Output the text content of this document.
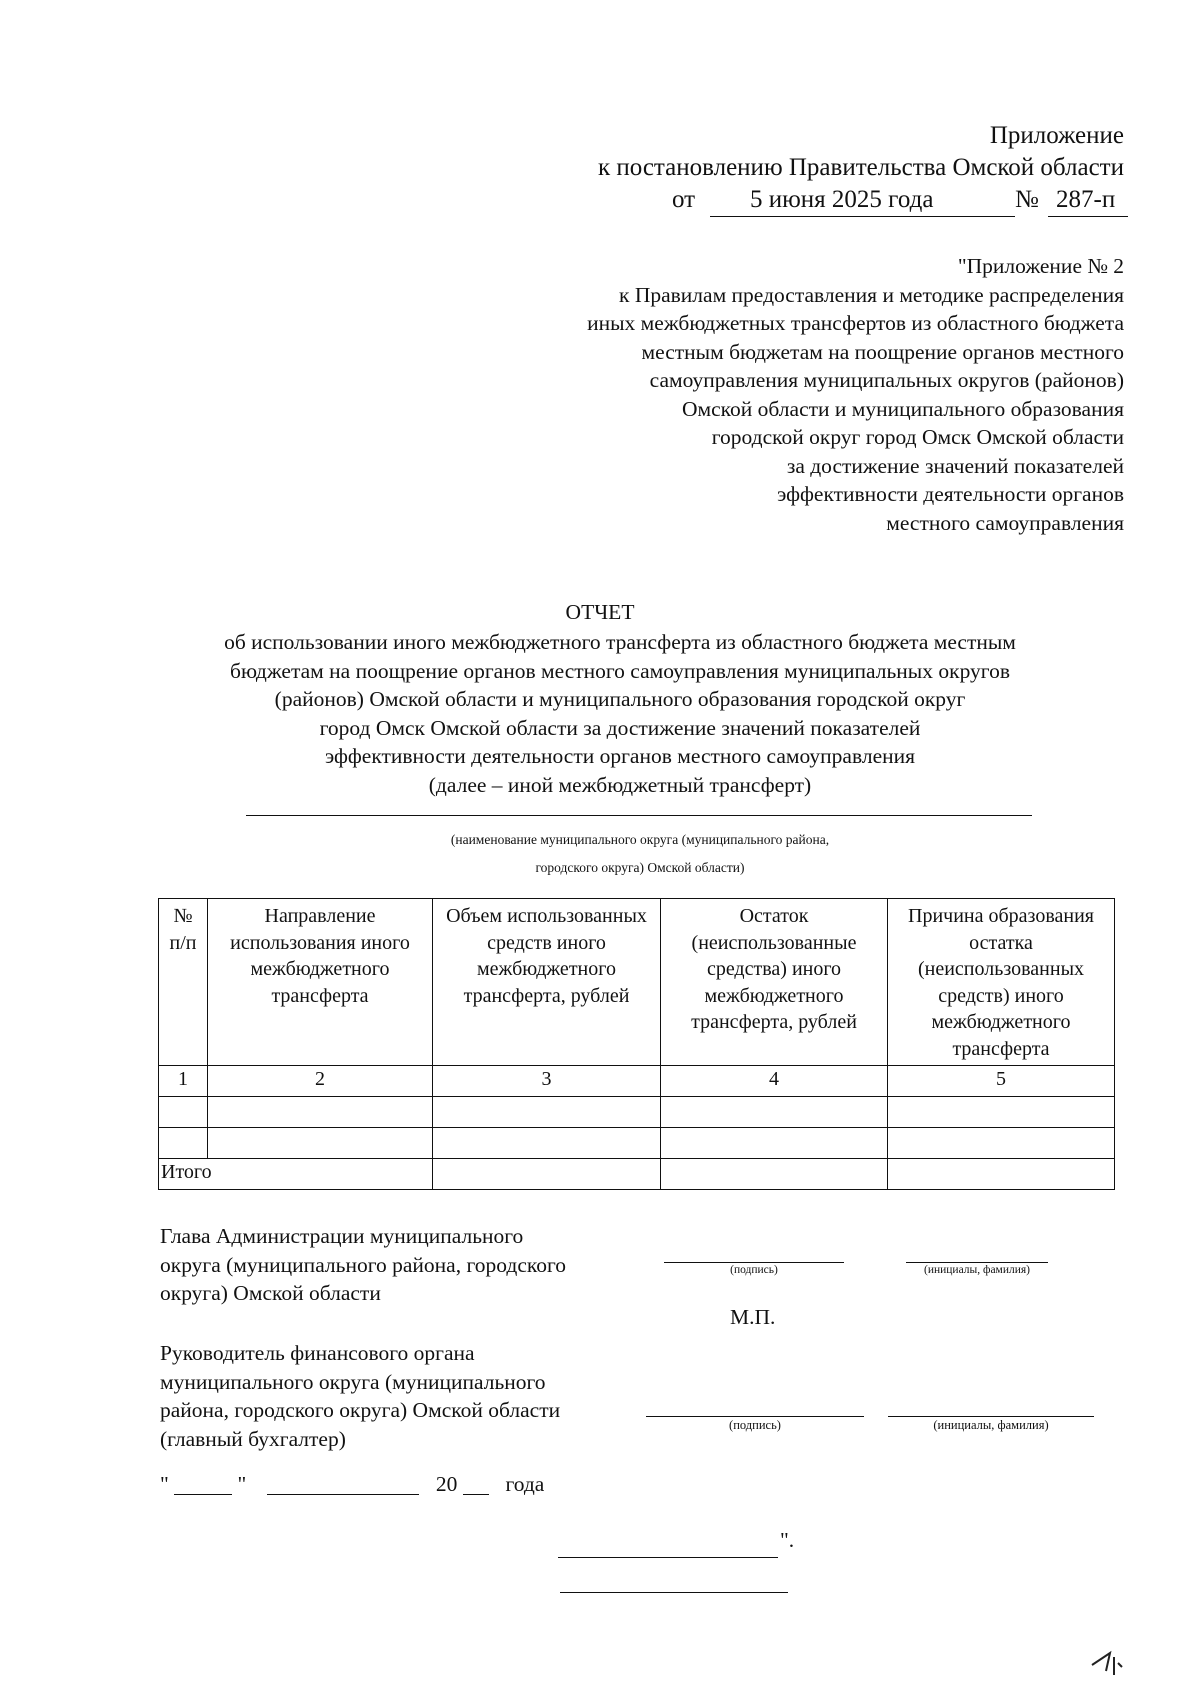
Приложение
к постановлению Правительства Омской области
от 5 июня 2025 года	№ 287-п
"Приложение № 2
к Правилам предоставления и методике распределения
иных межбюджетных трансфертов из областного бюджета
местным бюджетам на поощрение органов местного
самоуправления муниципальных округов (районов)
Омской области и муниципального образования
городской округ город Омск Омской области
за достижение значений показателей
эффективности деятельности органов
местного самоуправления
ОТЧЕТ
об использовании иного межбюджетного трансферта из областного бюджета местным
бюджетам на поощрение органов местного самоуправления муниципальных округов
(районов) Омской области и муниципального образования городской округ
город Омск Омской области за достижение значений показателей
эффективности деятельности органов местного самоуправления
(далее – иной межбюджетный трансферт)
(наименование муниципального округа (муниципального района,
городского округа) Омской области)
№ п/п	Направление использования иного межбюджетного трансферта	Объем использованных средств иного межбюджетного трансферта, рублей	Остаток (неиспользованные средства) иного межбюджетного трансферта, рублей	Причина образования остатка (неиспользованных средств) иного межбюджетного трансферта
1	2	3	4	5

Итого				
Глава Администрации муниципального
округа (муниципального района, городского
округа) Омской области
(подпись)	(инициалы, фамилия)
М.П.
Руководитель финансового органа
муниципального округа (муниципального
района, городского округа) Омской области
(главный бухгалтер)
(подпись)	(инициалы, фамилия)
"	"	20 года
".
